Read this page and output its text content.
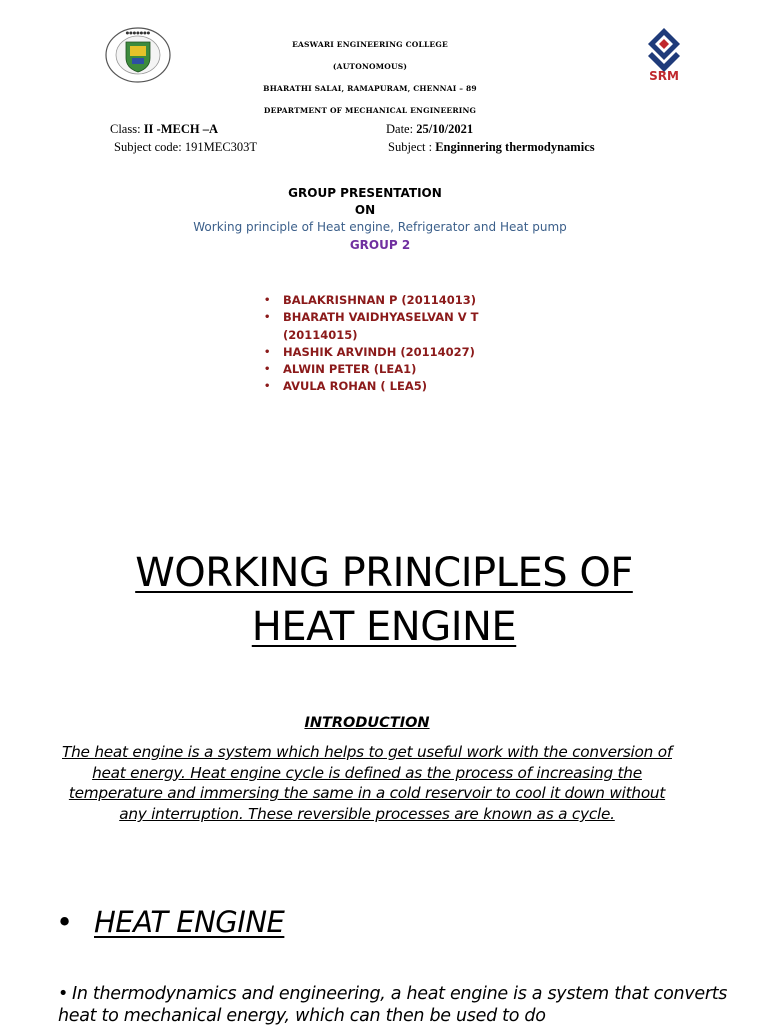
●●●●●●●
EASWARI ENGINEERING COLLEGE
(AUTONOMOUS)
BHARATHI SALAI, RAMAPURAM, CHENNAI – 89
DEPARTMENT OF MECHANICAL ENGINEERING
SRM
Class: II -MECH –A	Date: 25/10/2021
Subject code: 191MEC303T	Subject : Enginnering thermodynamics
GROUP PRESENTATION
ON
Working principle of Heat engine, Refrigerator and Heat pump
GROUP 2
• BALAKRISHNAN P (20114013)
• BHARATH VAIDHYASELVAN V T (20114015)
• HASHIK ARVINDH (20114027)
• ALWIN PETER (LEA1)
• AVULA ROHAN ( LEA5)
WORKING PRINCIPLES OF
HEAT ENGINE
INTRODUCTION
The heat engine is a system which helps to get useful work with the conversion of heat energy. Heat engine cycle is defined as the process of increasing the temperature and immersing the same in a cold reservoir to cool it down without any interruption. These reversible processes are known as a cycle.
• HEAT ENGINE
• In thermodynamics and engineering, a heat engine is a system that converts heat to mechanical energy, which can then be used to do
